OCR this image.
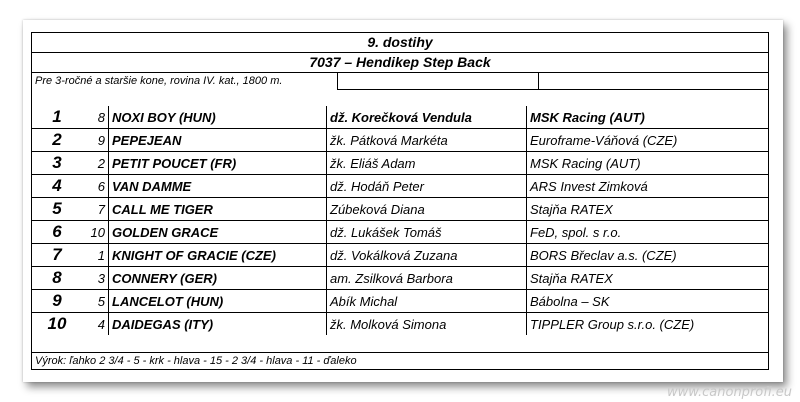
9. dostihy
7037 – Hendikep Step Back
Pre 3-ročné a staršie kone, rovina IV. kat., 1800 m.
1	8	NOXI BOY (HUN)	dž. Korečková Vendula	MSK Racing (AUT)
2	9	PEPEJEAN	žk. Pátková Markéta	Euroframe-Váňová (CZE)
3	2	PETIT POUCET (FR)	žk. Eliáš Adam	MSK Racing (AUT)
4	6	VAN DAMME	dž. Hodáň Peter	ARS Invest Zimková
5	7	CALL ME TIGER	Zúbeková Diana	Stajňa RATEX
6	10	GOLDEN GRACE	dž. Lukášek Tomáš	FeD, spol. s r.o.
7	1	KNIGHT OF GRACIE (CZE)	dž. Vokálková Zuzana	BORS Břeclav a.s. (CZE)
8	3	CONNERY (GER)	am. Zsilková Barbora	Stajňa RATEX
9	5	LANCELOT (HUN)	Abík Michal	Bábolna – SK
10	4	DAIDEGAS (ITY)	žk. Molková Simona	TIPPLER Group s.r.o. (CZE)
Výrok: ľahko 2 3/4 - 5 - krk - hlava - 15 - 2 3/4 - hlava - 11 - ďaleko
www.canonprofi.eu
